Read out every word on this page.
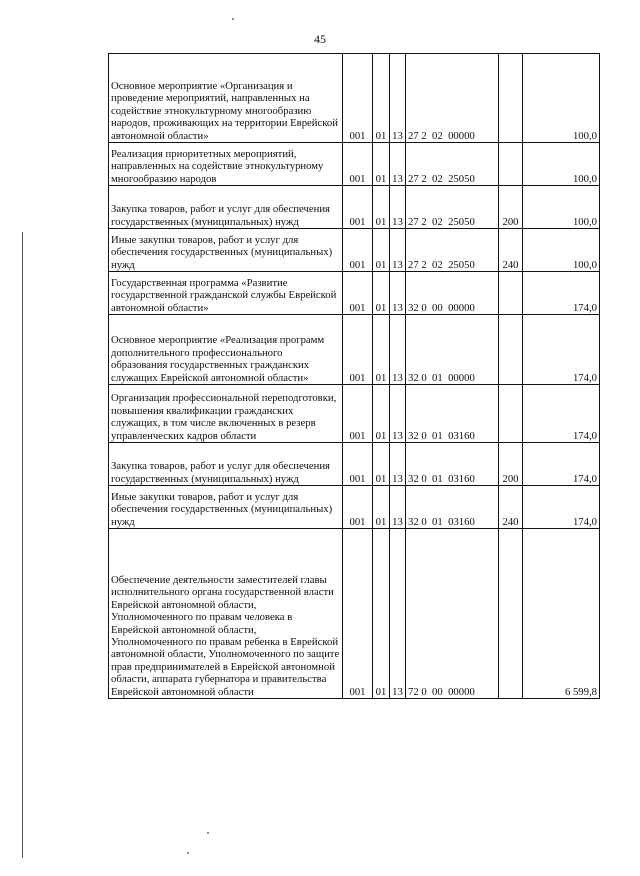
45
Основное мероприятие «Организация и проведение мероприятий, направленных на содействие этнокультурному многообразию народов, проживающих на территории Еврейской автономной области»	001	01	13	27 2  02  00000		100,0
Реализация приоритетных мероприятий, направленных на содействие этнокультурному многообразию народов	001	01	13	27 2  02  25050		100,0
Закупка товаров, работ и услуг для обеспечения государственных (муниципальных) нужд	001	01	13	27 2  02  25050	200	100,0
Иные закупки товаров, работ и услуг для обеспечения государственных (муниципальных) нужд	001	01	13	27 2  02  25050	240	100,0
Государственная программа «Развитие государственной гражданской службы Еврейской автономной области»	001	01	13	32 0  00  00000		174,0
Основное мероприятие «Реализация программ дополнительного профессионального образования государственных гражданских служащих Еврейской автономной области»	001	01	13	32 0  01  00000		174,0
Организация профессиональной переподготовки, повышения квалификации гражданских служащих, в том числе включенных в резерв управленческих кадров области	001	01	13	32 0  01  03160		174,0
Закупка товаров, работ и услуг для обеспечения государственных (муниципальных) нужд	001	01	13	32 0  01  03160	200	174,0
Иные закупки товаров, работ и услуг для обеспечения государственных (муниципальных) нужд	001	01	13	32 0  01  03160	240	174,0
Обеспечение деятельности заместителей главы исполнительного органа государственной власти Еврейской автономной области, Уполномоченного по правам человека в Еврейской автономной области, Уполномоченного по правам ребенка в Еврейской автономной области, Уполномоченного по защите прав предпринимателей в Еврейской автономной области, аппарата губернатора и правительства Еврейской автономной области	001	01	13	72 0  00  00000		6 599,8
